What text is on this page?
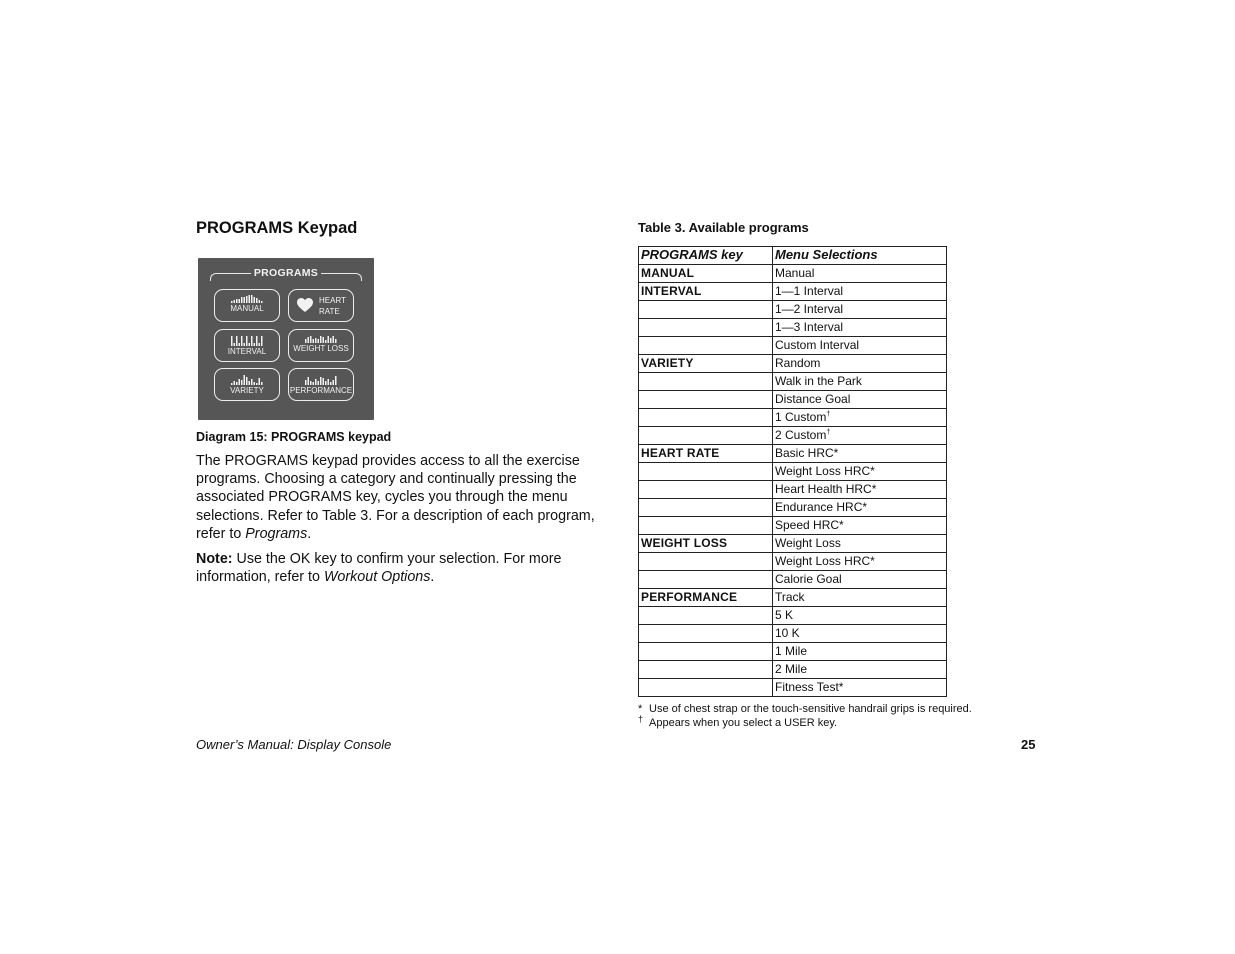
PROGRAMS Keypad
PROGRAMS
MANUAL
HEART
RATE
INTERVAL	WEIGHT LOSS
VARIETY	PERFORMANCE
Diagram 15: PROGRAMS keypad

The PROGRAMS keypad provides access to all the exercise programs. Choosing a category and continually pressing the associated PROGRAMS key, cycles you through the menu selections. Refer to Table 3. For a description of each program, refer to Programs.

Note: Use the OK key to confirm your selection. For more information, refer to Workout Options.

Table 3. Available programs
PROGRAMS key	Menu Selections
MANUAL	Manual
INTERVAL	1—1 Interval
	1—2 Interval
	1—3 Interval
	Custom Interval
VARIETY	Random
	Walk in the Park
	Distance Goal
	1 Custom†
	2 Custom†
HEART RATE	Basic HRC*
	Weight Loss HRC*
	Heart Health HRC*
	Endurance HRC*
	Speed HRC*
WEIGHT LOSS	Weight Loss
	Weight Loss HRC*
	Calorie Goal
PERFORMANCE	Track
	5 K
	10 K
	1 Mile
	2 Mile
	Fitness Test*
* Use of chest strap or the touch-sensitive handrail grips is required.
† Appears when you select a USER key.
Owner’s Manual: Display Console	25
